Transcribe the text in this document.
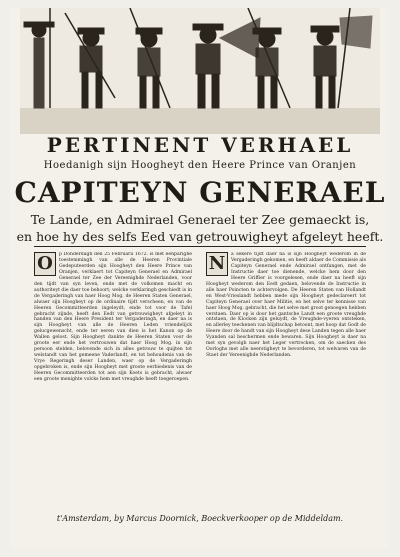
PERTINENT VERHAEL
Hoedanigh sijn Hoogheyt den Heere Prince van Oranjen
CAPITEYN GENERAEL
Te Lande, en Admirael Generael ter Zee gemaeckt is,
en hoe hy des selfs Eed van getrouwigheyt afgeleyt heeft.
O	p Donderdagh den 25 Februarii 1672. is met eenparighe toestemmingh van alle de Heeren Provintiale Gedeputeerden sijn Hoogheyt den Heere Prince van Oranjen, verklaert tot Capiteyn Generael en Admirael Generael ter Zee der Vereenighde Nederlanden, voor den tijdt van syn leven, ende met de volkomen macht en authoriteyt die daer toe behoort; welcke verklaringh geschiedt is in de Vergaderingh van haer Hoog Mog. de Heeren Staten Generael, alwaer sijn Hoogheyt op de ordinaire tijdt verscheen, en van de Heeren Gecommitteerden ingeleydt, ende tot voor de Tafel gebracht zijnde, heeft den Eedt van getrouwigheyt afgeleyt in handen van den Heere President ter Vergaderingh, en daer na is sijn Hoogheyt van alle de Heeren Leden vriendelijck gelucgewenscht, ende ter eeren van dien is het Kanon op de Wallen gelost. Sijn Hoogheyt dankte de Heeren Staten voor de groote eer ende het vertrouwen dat haer Hoog Mog. in sijn persoon stelden, belovende sich in alles getrouw te quijten tot welstandt van het gemeene Vaderlandt, en tot behoudenis van de Vrye Regeringh deser Landen, waer op de Vergaderingh opgebroken is, ende sijn Hoogheyt met groote eerbiedenis van de Heeren Gecommitteerden tot aen sijn Koets is gebracht, alwaer een groote menighte volcks hem met vreughde heeft toegeroepen.
N	a sekere tijdt daer na is sijn Hoogheyt wederom in de Vergaderingh gekomen, en heeft aldaer de Commissie als Capiteyn Generael ende Admirael ontfangen, met de Instructie daer toe dienende, welcke hem door den Heere Griffier is voorgelesen, ende daer na heeft sijn Hoogheyt wederom den Eedt gedaen, belovende de Instructie in alle haer Poincten te achtervolgen. De Heeren Staten van Hollandt en West-Vrieslandt hebben mede sijn Hoogheyt gedeclareert tot Capiteyn Generael over haer Militie, en het selve ter kennisse van haer Hoog Mog. gebracht, die het selve met groot genoegen hebben verstaen. Daer op is door het gantsche Landt een groote vreughde ontstaen, de Klocken zijn geluydt, de Vreughde-vyeren ontsteken, en allerley teeckenen van blijdtschap betoont, met hoop dat Godt de Heere door de handt van sijn Hoogheyt dese Landen tegen alle haer Vyanden sal beschermen ende bewaren. Sijn Hoogheyt is daer na met syn gevolgh naer het Leger vertrocken, om de saecken des Oorloghs met alle neerstigheyt te bevorderen, tot welvaren van de Staet der Vereenighde Nederlanden.
t'Amsterdam, by Marcus Doornick, Boeckverkooper op de Middeldam.
